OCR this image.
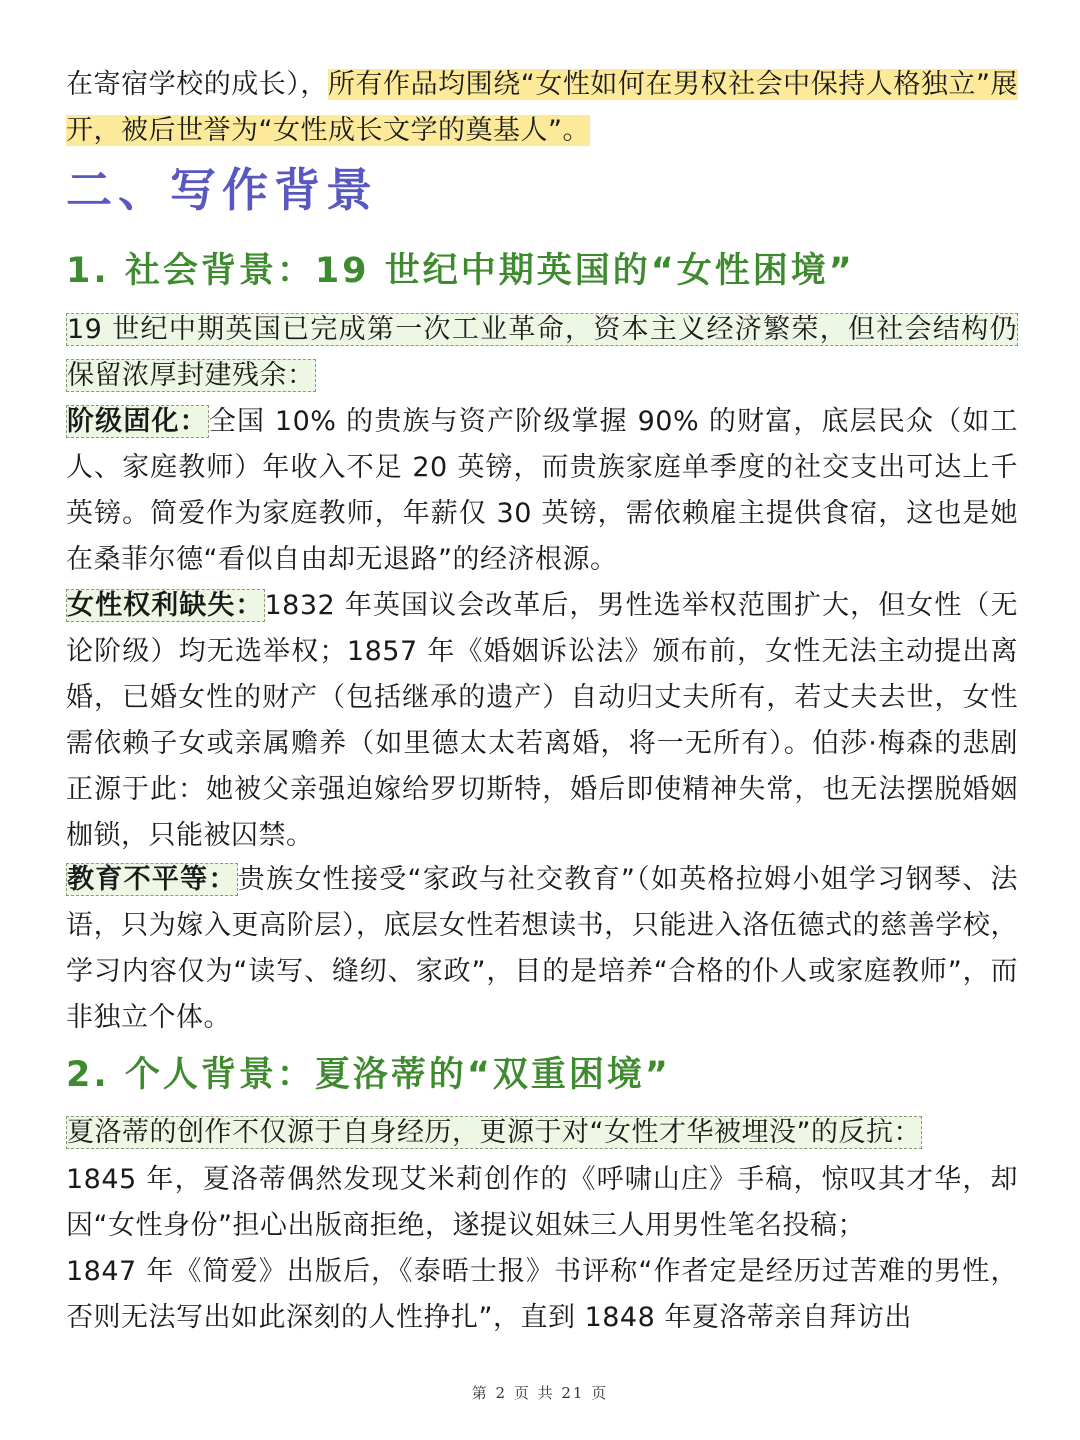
在寄宿学校的成长），所有作品均围绕“女性如何在男权社会中保持人格独立”展开，被后世誉为“女性成长文学的奠基人”。

二、写作背景
1. 社会背景：19 世纪中期英国的“女性困境”

19 世纪中期英国已完成第一次工业革命，资本主义经济繁荣，但社会结构仍保留浓厚封建残余：

阶级固化：全国 10% 的贵族与资产阶级掌握 90% 的财富，底层民众（如工人、家庭教师）年收入不足 20 英镑，而贵族家庭单季度的社交支出可达上千英镑。简爱作为家庭教师，年薪仅 30 英镑，需依赖雇主提供食宿，这也是她在桑菲尔德“看似自由却无退路”的经济根源。

女性权利缺失：1832 年英国议会改革后，男性选举权范围扩大，但女性（无论阶级）均无选举权；1857 年《婚姻诉讼法》颁布前，女性无法主动提出离婚，已婚女性的财产（包括继承的遗产）自动归丈夫所有，若丈夫去世，女性需依赖子女或亲属赡养（如里德太太若离婚，将一无所有）。伯莎·梅森的悲剧正源于此：她被父亲强迫嫁给罗切斯特，婚后即使精神失常，也无法摆脱婚姻枷锁，只能被囚禁。

教育不平等：贵族女性接受“家政与社交教育”（如英格拉姆小姐学习钢琴、法语，只为嫁入更高阶层），底层女性若想读书，只能进入洛伍德式的慈善学校，学习内容仅为“读写、缝纫、家政”，目的是培养“合格的仆人或家庭教师”，而非独立个体。

2. 个人背景：夏洛蒂的“双重困境”

夏洛蒂的创作不仅源于自身经历，更源于对“女性才华被埋没”的反抗：

1845 年，夏洛蒂偶然发现艾米莉创作的《呼啸山庄》手稿，惊叹其才华，却因“女性身份”担心出版商拒绝，遂提议姐妹三人用男性笔名投稿；

1847 年《简爱》出版后，《泰晤士报》书评称“作者定是经历过苦难的男性，否则无法写出如此深刻的人性挣扎”，直到 1848 年夏洛蒂亲自拜访出

第 2 页 共 21 页
